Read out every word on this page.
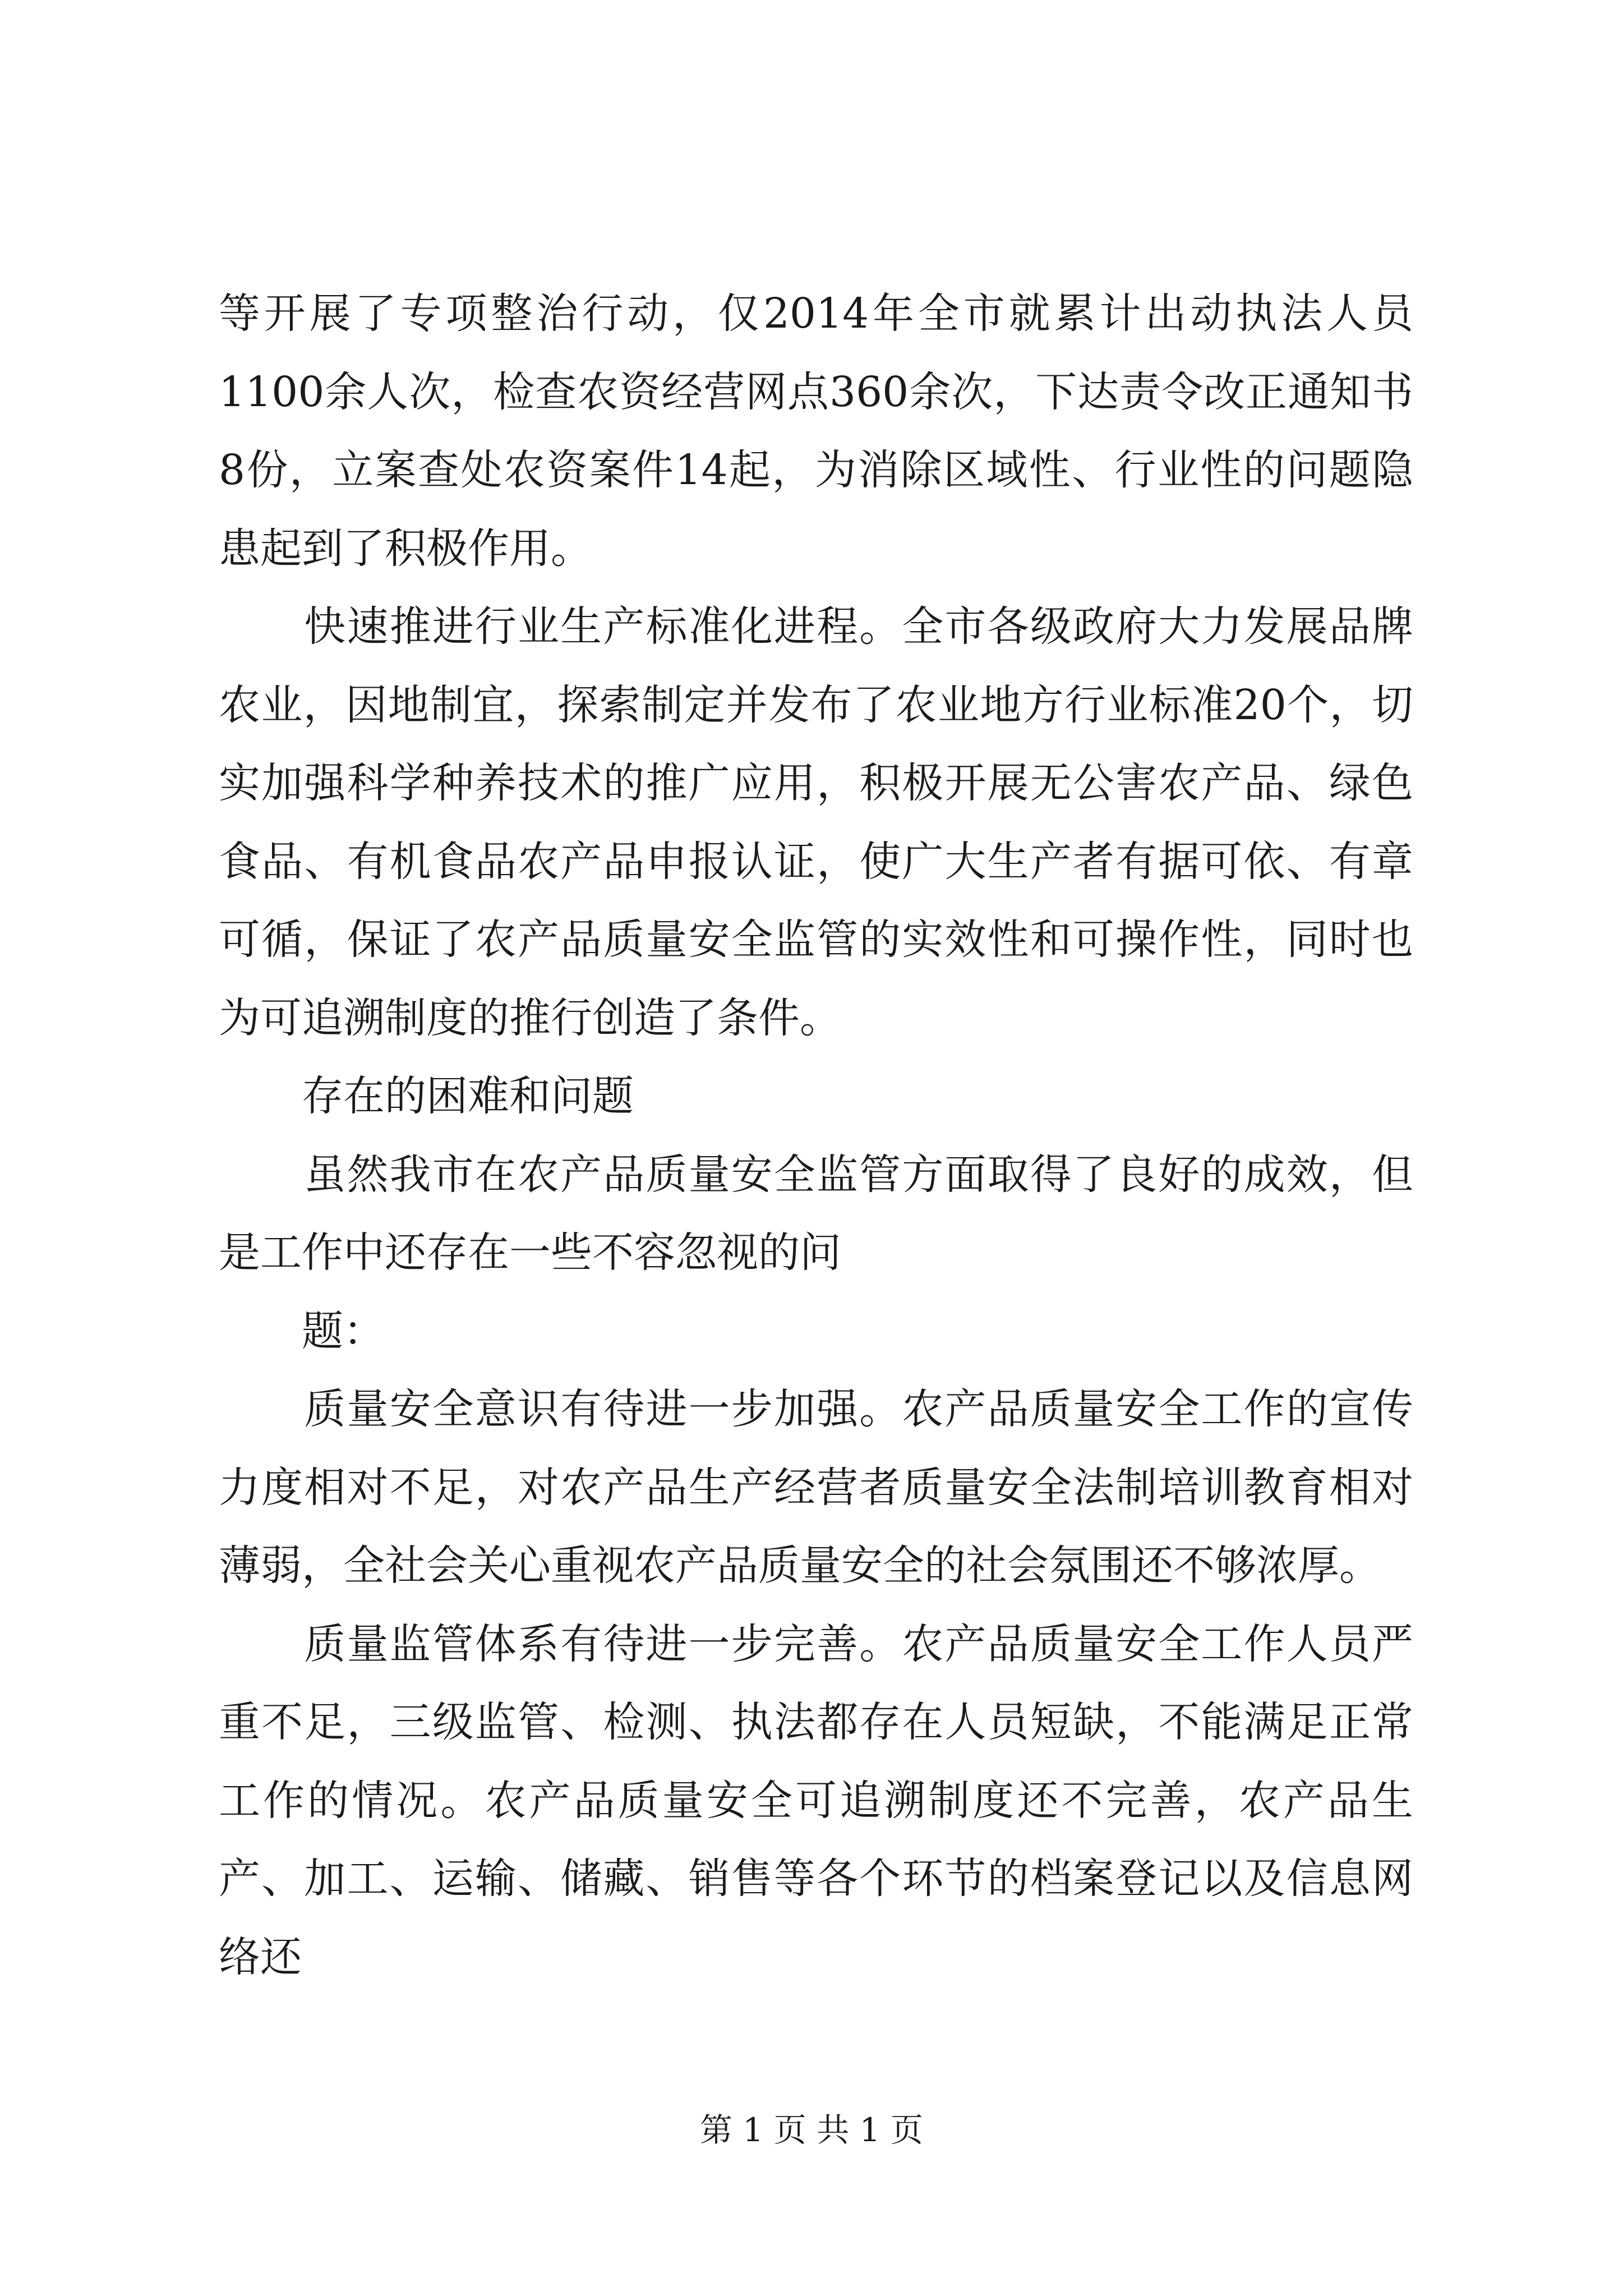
等开展了专项整治行动，仅2014年全市就累计出动执法人员1100余人次，检查农资经营网点360余次，下达责令改正通知书8份，立案查处农资案件14起，为消除区域性、行业性的问题隐患起到了积极作用。

　　快速推进行业生产标准化进程。全市各级政府大力发展品牌农业，因地制宜，探索制定并发布了农业地方行业标准20个，切实加强科学种养技术的推广应用，积极开展无公害农产品、绿色食品、有机食品农产品申报认证，使广大生产者有据可依、有章可循，保证了农产品质量安全监管的实效性和可操作性，同时也为可追溯制度的推行创造了条件。

　　存在的困难和问题

　　虽然我市在农产品质量安全监管方面取得了良好的成效，但是工作中还存在一些不容忽视的问

　　题：

　　质量安全意识有待进一步加强。农产品质量安全工作的宣传力度相对不足，对农产品生产经营者质量安全法制培训教育相对薄弱，全社会关心重视农产品质量安全的社会氛围还不够浓厚。

　　质量监管体系有待进一步完善。农产品质量安全工作人员严重不足，三级监管、检测、执法都存在人员短缺，不能满足正常工作的情况。农产品质量安全可追溯制度还不完善，农产品生产、加工、运输、储藏、销售等各个环节的档案登记以及信息网络还

第 1 页 共 1 页
